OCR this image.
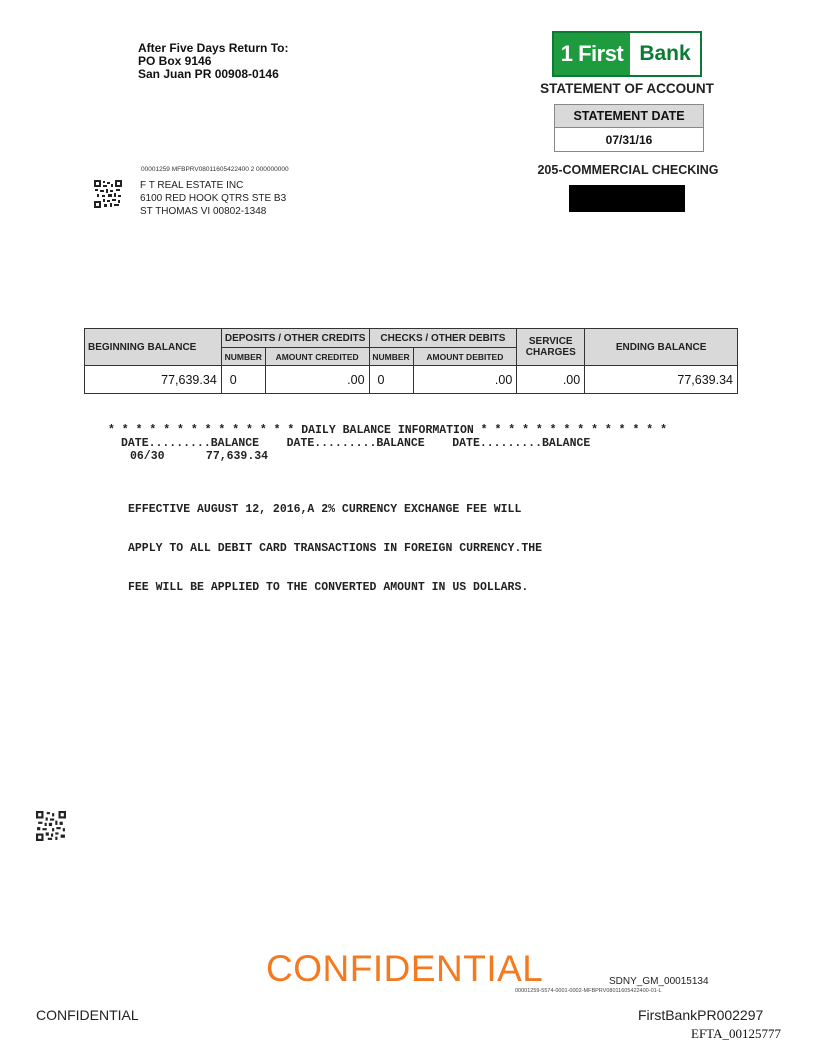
After Five Days Return To:
PO Box 9146
San Juan PR 00908-0146
1 First Bank
STATEMENT OF ACCOUNT
STATEMENT DATE
07/31/16
205-COMMERCIAL CHECKING
00001259 MFBPRV08011605422400 2 000000000
F T REAL ESTATE INC
6100 RED HOOK QTRS STE B3
ST THOMAS VI 00802-1348
BEGINNING BALANCE	DEPOSITS / OTHER CREDITS		CHECKS / OTHER DEBITS		SERVICE CHARGES	ENDING BALANCE
	NUMBER	AMOUNT CREDITED	NUMBER	AMOUNT DEBITED		
77,639.34	0	.00	0	.00	.00	77,639.34
* * * * * * * * * * * * * * DAILY BALANCE INFORMATION * * * * * * * * * * * * * *
DATE.........BALANCE    DATE.........BALANCE    DATE.........BALANCE
06/30      77,639.34

EFFECTIVE AUGUST 12, 2016,A 2% CURRENCY EXCHANGE FEE WILL

APPLY TO ALL DEBIT CARD TRANSACTIONS IN FOREIGN CURRENCY.THE

FEE WILL BE APPLIED TO THE CONVERTED AMOUNT IN US DOLLARS.

CONFIDENTIAL	SDNY_GM_00015134
00001259-5574-0001-0002-MFBPRV08011605422400-01-L
CONFIDENTIAL	FirstBankPR002297
EFTA_00125777
